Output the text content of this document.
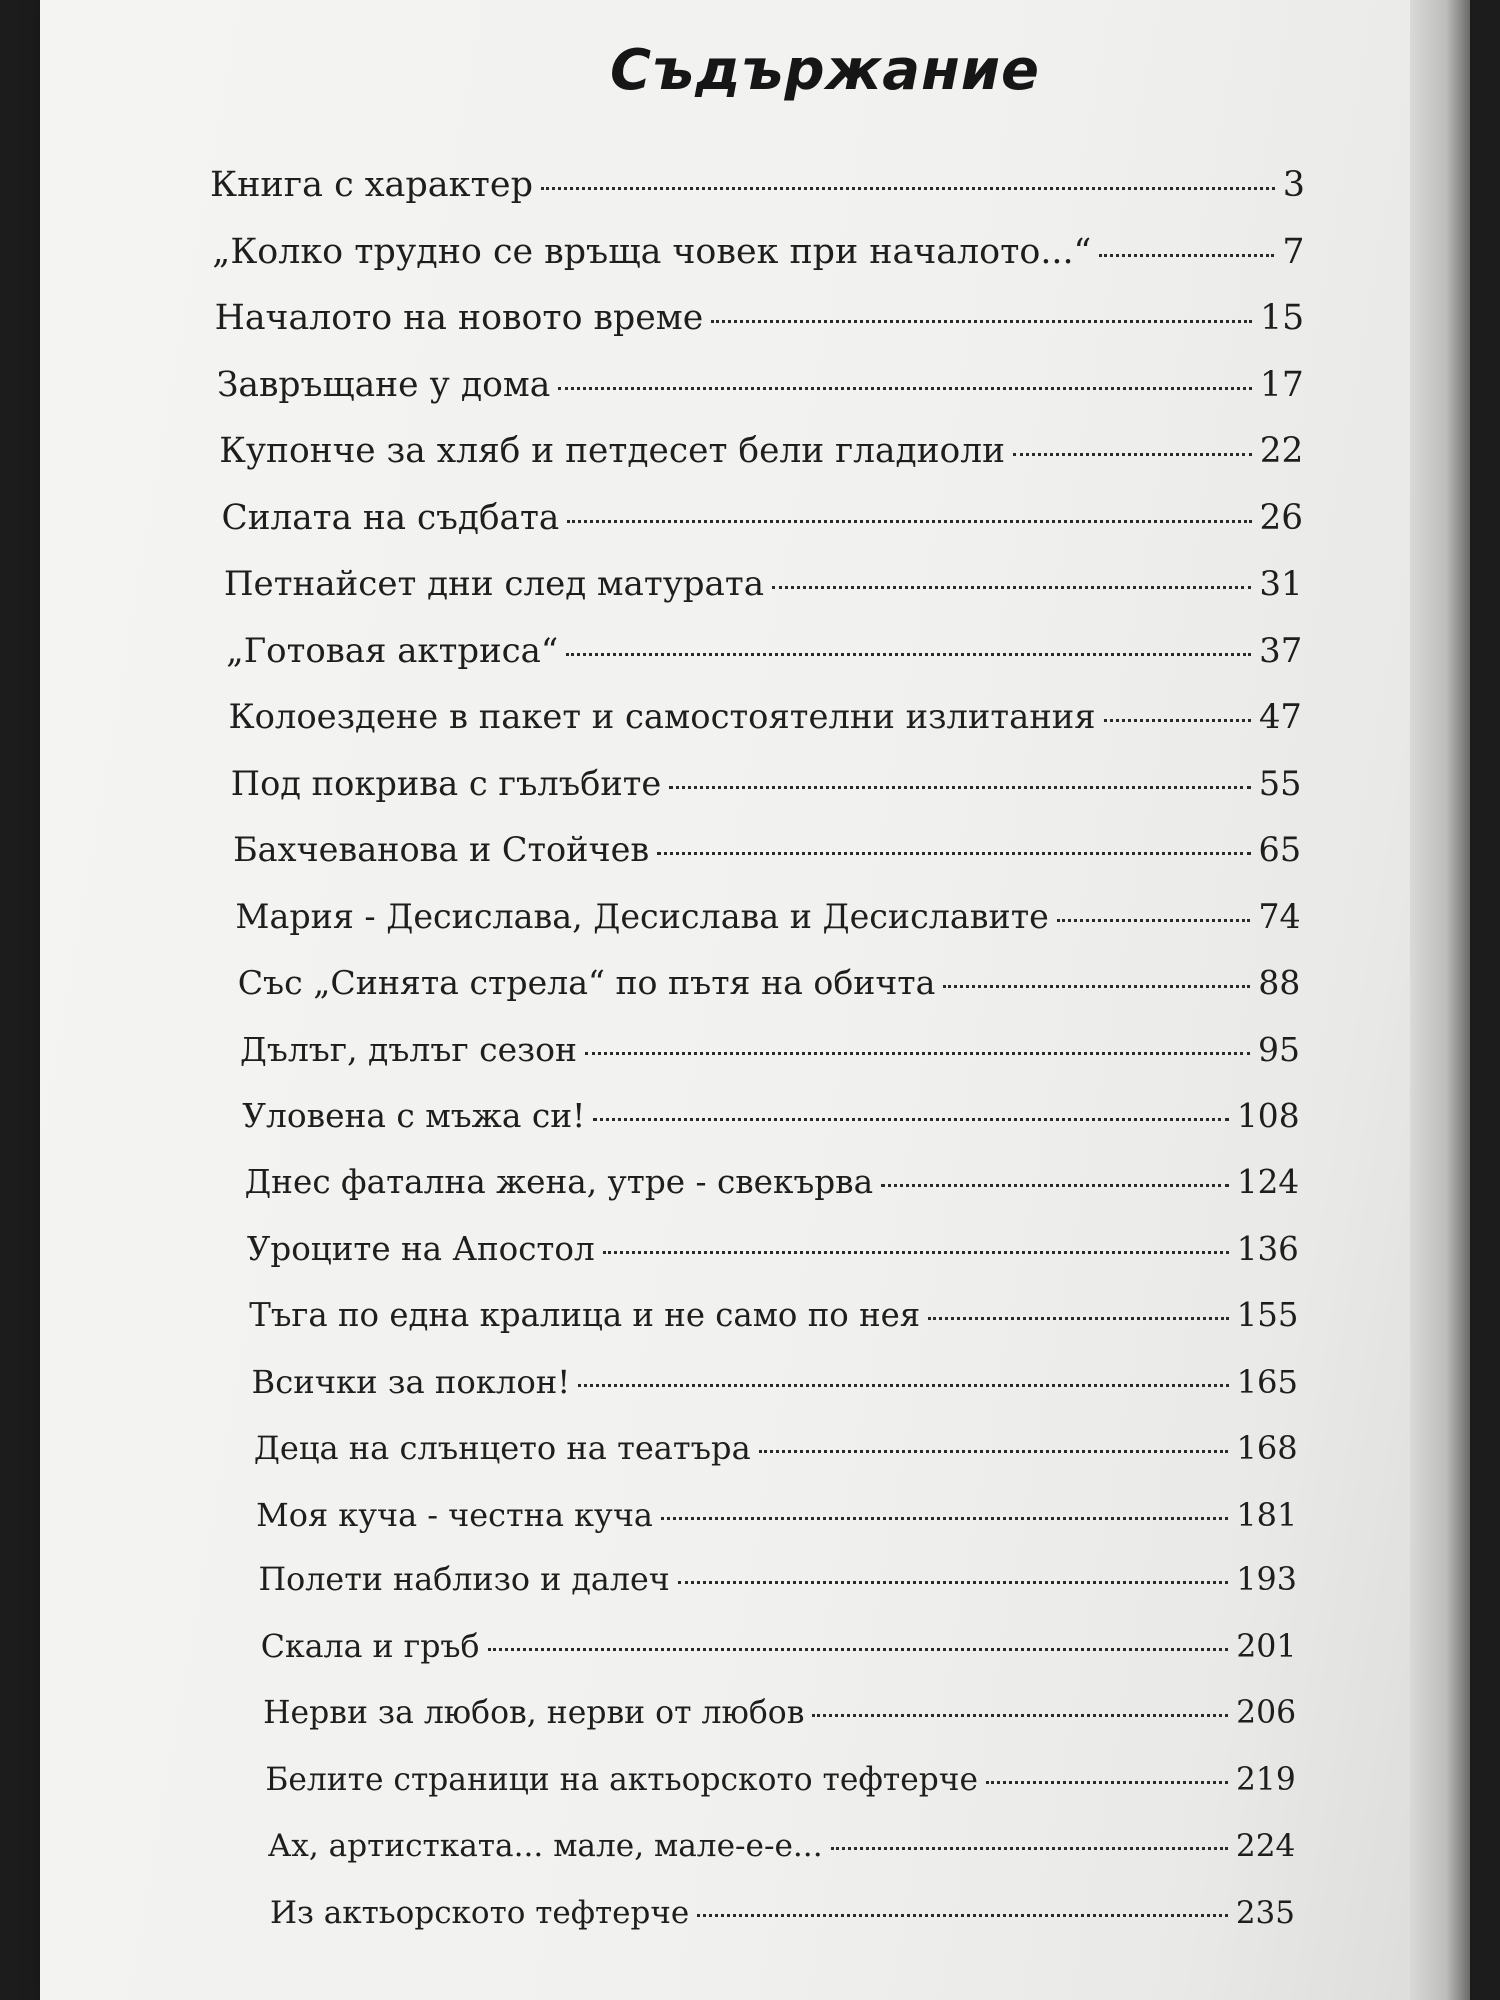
Съдържание
Книга с характер	3
„Колко трудно се връща човек при началото...“	7
Началото на новото време	15
Завръщане у дома	17
Купонче за хляб и петдесет бели гладиоли	22
Силата на съдбата	26
Петнайсет дни след матурата	31
„Готовая актриса“	37
Колоездене в пакет и самостоятелни излитания	47
Под покрива с гълъбите	55
Бахчеванова и Стойчев	65
Мария - Десислава, Десислава и Десиславите	74
Със „Синята стрела“ по пътя на обичта	88
Дълъг, дълъг сезон	95
Уловена с мъжа си!	108
Днес фатална жена, утре - свекърва	124
Уроците на Апостол	136
Тъга по една кралица и не само по нея	155
Всички за поклон!	165
Деца на слънцето на театъра	168
Моя куча - честна куча	181
Полети наблизо и далеч	193
Скала и гръб	201
Нерви за любов, нерви от любов	206
Белите страници на актьорското тефтерче	219
Ах, артистката... мале, мале-е-е...	224
Из актьорското тефтерче	235
